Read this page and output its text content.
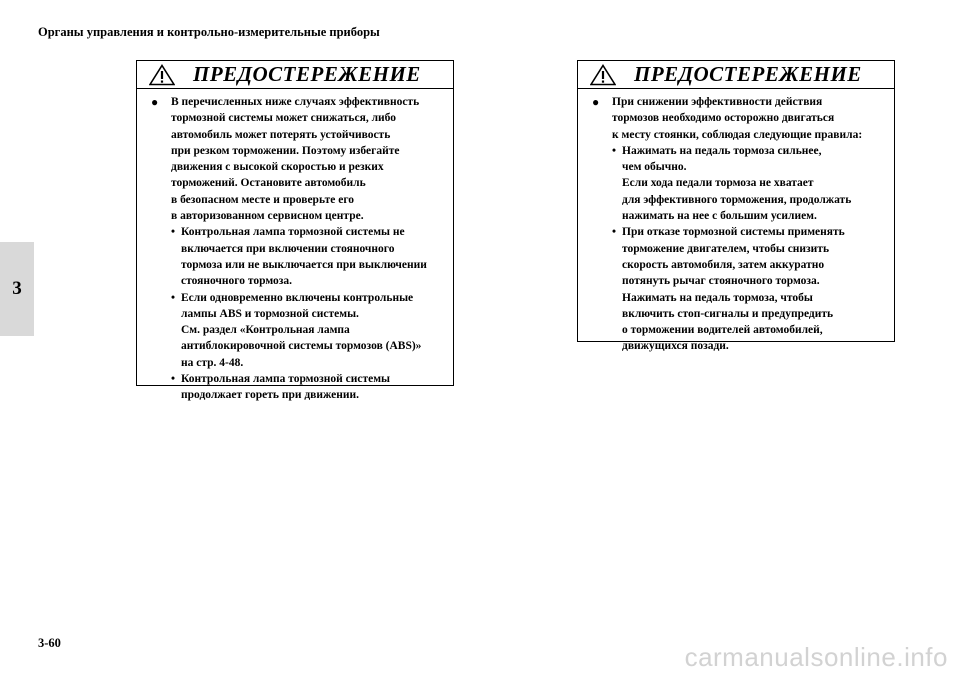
Органы управления и контрольно-измерительные приборы
3
ПРЕДОСТЕРЕЖЕНИЕ
●	В перечисленных ниже случаях эффективность
тормозной системы может снижаться, либо
автомобиль может потерять устойчивость
при резком торможении. Поэтому избегайте
движения с высокой скоростью и резких
торможений. Остановите автомобиль
в безопасном месте и проверьте его
в авторизованном сервисном центре.
• Контрольная лампа тормозной системы не
включается при включении стояночного
тормоза или не выключается при выключении
стояночного тормоза.
• Если одновременно включены контрольные
лампы ABS и тормозной системы.
См. раздел «Контрольная лампа
антиблокировочной системы тормозов (ABS)»
на стр. 4-48.
• Контрольная лампа тормозной системы
продолжает гореть при движении.
ПРЕДОСТЕРЕЖЕНИЕ
●	При снижении эффективности действия
тормозов необходимо осторожно двигаться
к месту стоянки, соблюдая следующие правила:
• Нажимать на педаль тормоза сильнее,
чем обычно.
Если хода педали тормоза не хватает
для эффективного торможения, продолжать
нажимать на нее с большим усилием.
• При отказе тормозной системы применять
торможение двигателем, чтобы снизить
скорость автомобиля, затем аккуратно
потянуть рычаг стояночного тормоза.
Нажимать на педаль тормоза, чтобы
включить стоп-сигналы и предупредить
о торможении водителей автомобилей,
движущихся позади.
3-60	carmanualsonline.info
